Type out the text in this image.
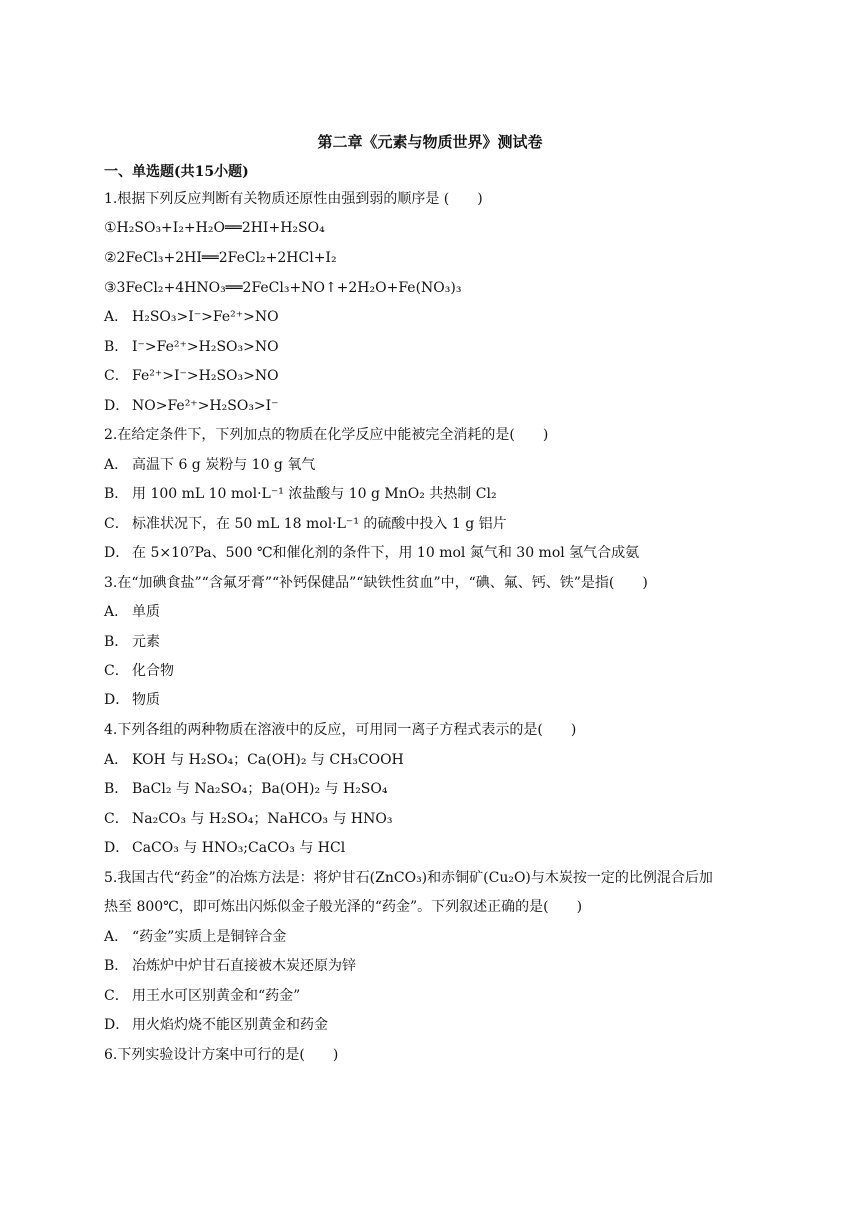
第二章《元素与物质世界》测试卷
一、单选题(共15小题)
1.根据下列反应判断有关物质还原性由强到弱的顺序是 (　　)
①H₂SO₃+I₂+H₂O══2HI+H₂SO₄
②2FeCl₃+2HI══2FeCl₂+2HCl+I₂
③3FeCl₂+4HNO₃══2FeCl₃+NO↑+2H₂O+Fe(NO₃)₃
A． H₂SO₃>I⁻>Fe²⁺>NO
B． I⁻>Fe²⁺>H₂SO₃>NO
C． Fe²⁺>I⁻>H₂SO₃>NO
D． NO>Fe²⁺>H₂SO₃>I⁻
2.在给定条件下，下列加点的物质在化学反应中能被完全消耗的是(　　)
A． 高温下 6 g 炭粉与 10 g 氧气
B． 用 100 mL 10 mol·L⁻¹ 浓盐酸与 10 g MnO₂ 共热制 Cl₂
C． 标准状况下，在 50 mL 18 mol·L⁻¹ 的硫酸中投入 1 g 铝片
D． 在 5×10⁷Pa、500 ℃和催化剂的条件下，用 10 mol 氮气和 30 mol 氢气合成氨
3.在“加碘食盐”“含氟牙膏”“补钙保健品”“缺铁性贫血”中，“碘、氟、钙、铁”是指(　　)
A． 单质
B． 元素
C． 化合物
D． 物质
4.下列各组的两种物质在溶液中的反应，可用同一离子方程式表示的是(　　)
A． KOH 与 H₂SO₄；Ca(OH)₂ 与 CH₃COOH
B． BaCl₂ 与 Na₂SO₄；Ba(OH)₂ 与 H₂SO₄
C． Na₂CO₃ 与 H₂SO₄；NaHCO₃ 与 HNO₃
D． CaCO₃ 与 HNO₃;CaCO₃ 与 HCl
5.我国古代“药金”的冶炼方法是：将炉甘石(ZnCO₃)和赤铜矿(Cu₂O)与木炭按一定的比例混合后加
热至 800℃，即可炼出闪烁似金子般光泽的“药金”。下列叙述正确的是(　　)
A． “药金”实质上是铜锌合金
B． 冶炼炉中炉甘石直接被木炭还原为锌
C． 用王水可区别黄金和“药金”
D． 用火焰灼烧不能区别黄金和药金
6.下列实验设计方案中可行的是(　　)
